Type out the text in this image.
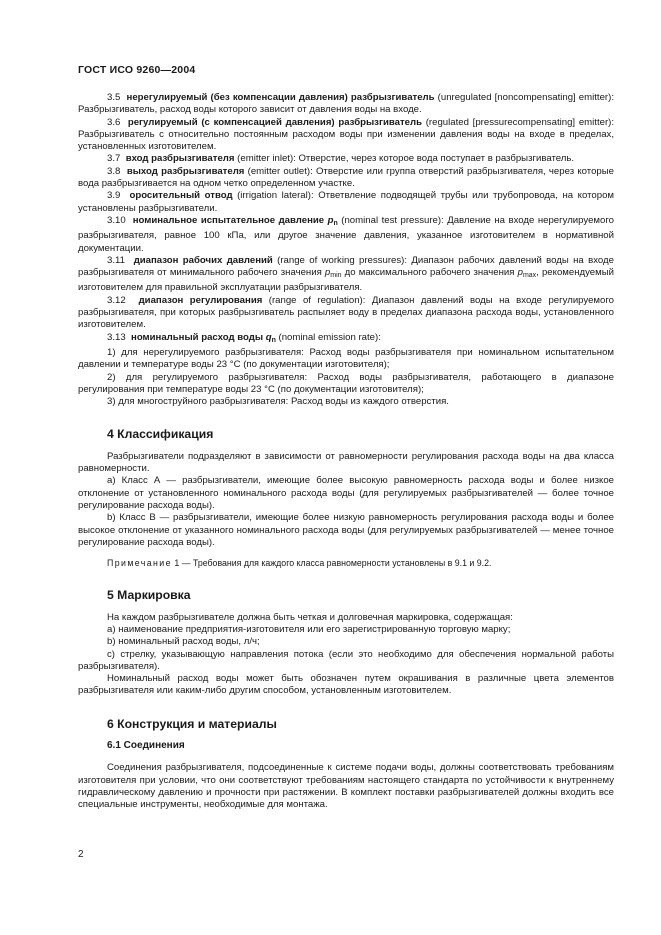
ГОСТ ИСО 9260—2004

3.5 нерегулируемый (без компенсации давления) разбрызгиватель (unregulated [noncompensating] emitter): Разбрызгиватель, расход воды которого зависит от давления воды на входе.

3.6 регулируемый (с компенсацией давления) разбрызгиватель (regulated [pressurecompensating] emitter): Разбрызгиватель с относительно постоянным расходом воды при изменении давления воды на входе в пределах, установленных изготовителем.

3.7 вход разбрызгивателя (emitter inlet): Отверстие, через которое вода поступает в разбрызгиватель.

3.8 выход разбрызгивателя (emitter outlet): Отверстие или группа отверстий разбрызгивателя, через которые вода разбрызгивается на одном четко определенном участке.

3.9 оросительный отвод (irrigation lateral): Ответвление подводящей трубы или трубопровода, на котором установлены разбрызгиватели.

3.10 номинальное испытательное давление $p_n$ (nominal test pressure): Давление на входе нерегулируемого разбрызгивателя, равное 100 кПа, или другое значение давления, указанное изготовителем в нормативной документации.

3.11 диапазон рабочих давлений (range of working pressures): Диапазон рабочих давлений воды на входе разбрызгивателя от минимального рабочего значения $p_{min}$ до максимального рабочего значения $p_{max}$, рекомендуемый изготовителем для правильной эксплуатации разбрызгивателя.

3.12 диапазон регулирования (range of regulation): Диапазон давлений воды на входе регулируемого разбрызгивателя, при которых разбрызгиватель распыляет воду в пределах диапазона расхода воды, установленного изготовителем.

3.13 номинальный расход воды $q_n$ (nominal emission rate):

1) для нерегулируемого разбрызгивателя: Расход воды разбрызгивателя при номинальном испытательном давлении и температуре воды 23 °С (по документации изготовителя);

2) для регулируемого разбрызгивателя: Расход воды разбрызгивателя, работающего в диапазоне регулирования при температуре воды 23 °С (по документации изготовителя);

3) для многоструйного разбрызгивателя: Расход воды из каждого отверстия.

4 Классификация

Разбрызгиватели подразделяют в зависимости от равномерности регулирования расхода воды на два класса равномерности.

a) Класс А — разбрызгиватели, имеющие более высокую равномерность расхода воды и более низкое отклонение от установленного номинального расхода воды (для регулируемых разбрызгивателей — более точное регулирование расхода воды).

b) Класс В — разбрызгиватели, имеющие более низкую равномерность регулирования расхода воды и более высокое отклонение от указанного номинального расхода воды (для регулируемых разбрызгивателей — менее точное регулирование расхода воды).

Примечание 1 — Требования для каждого класса равномерности установлены в 9.1 и 9.2.

5 Маркировка

На каждом разбрызгивателе должна быть четкая и долговечная маркировка, содержащая:

a) наименование предприятия-изготовителя или его зарегистрированную торговую марку;

b) номинальный расход воды, л/ч;

c) стрелку, указывающую направления потока (если это необходимо для обеспечения нормальной работы разбрызгивателя).

Номинальный расход воды может быть обозначен путем окрашивания в различные цвета элементов разбрызгивателя или каким-либо другим способом, установленным изготовителем.

6 Конструкция и материалы
6.1 Соединения

Соединения разбрызгивателя, подсоединенные к системе подачи воды, должны соответствовать требованиям изготовителя при условии, что они соответствуют требованиям настоящего стандарта по устойчивости к внутреннему гидравлическому давлению и прочности при растяжении. В комплект поставки разбрызгивателей должны входить все специальные инструменты, необходимые для монтажа.

2
